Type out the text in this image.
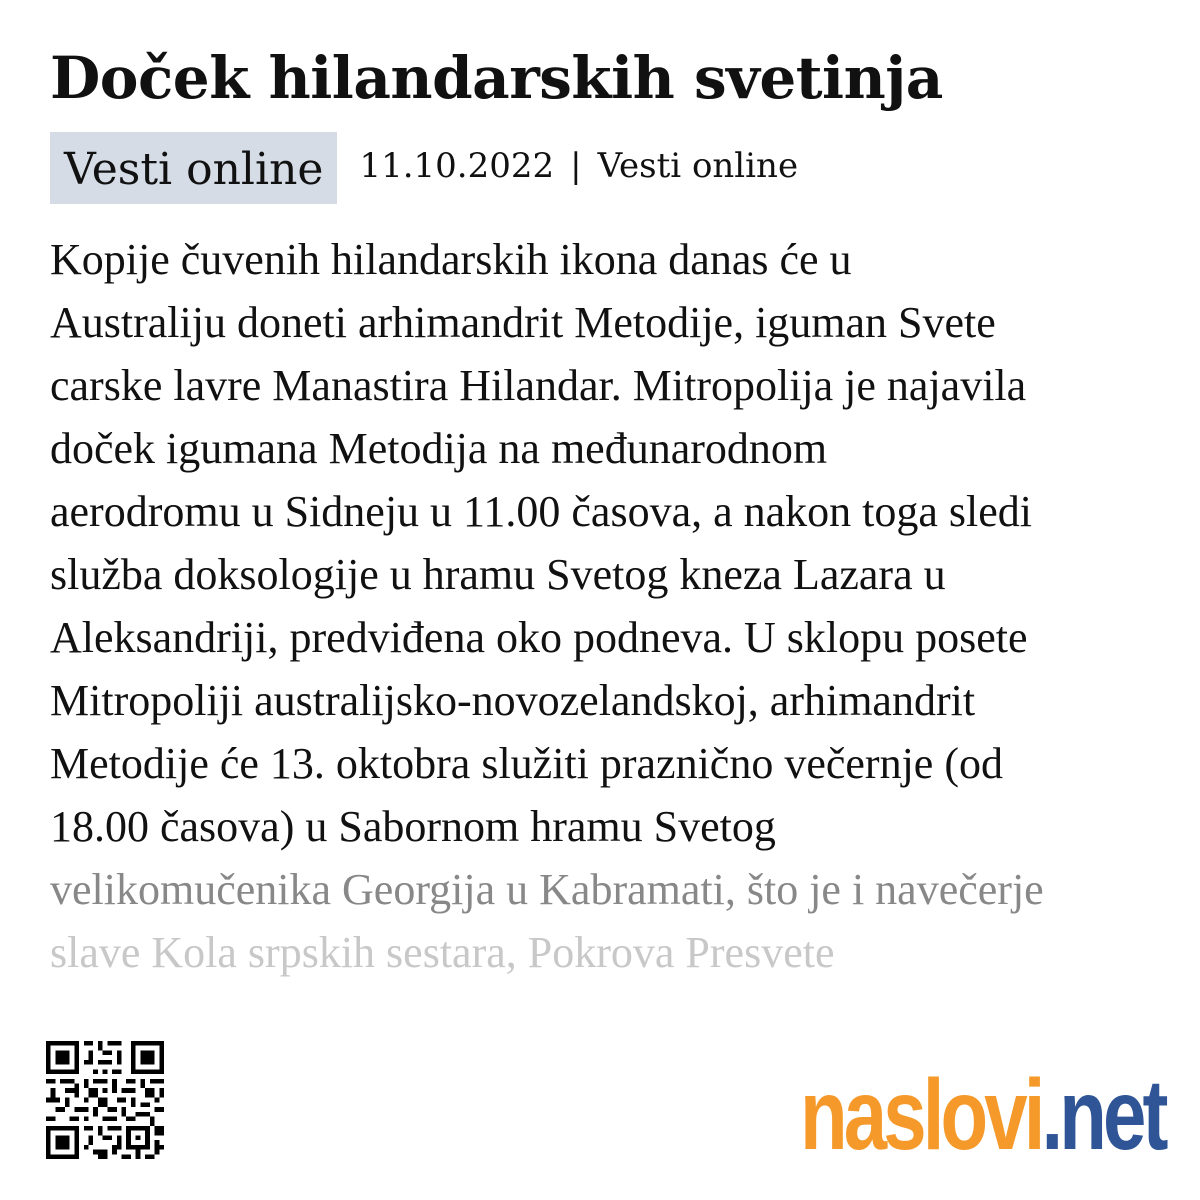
Doček hilandarskih svetinja
Vesti online	11.10.2022 | Vesti online
Kopije čuvenih hilandarskih ikona danas će u
Australiju doneti arhimandrit Metodije, iguman Svete
carske lavre Manastira Hilandar. Mitropolija je najavila
doček igumana Metodija na međunarodnom
aerodromu u Sidneju u 11.00 časova, a nakon toga sledi
služba doksologije u hramu Svetog kneza Lazara u
Aleksandriji, predviđena oko podneva. U sklopu posete
Mitropoliji australijsko-novozelandskoj, arhimandrit
Metodije će 13. oktobra služiti praznično večernje (od
18.00 časova) u Sabornom hramu Svetog
velikomučenika Georgija u Kabramati, što je i navečerje
slave Kola srpskih sestara, Pokrova Presvete
naslovi.net
